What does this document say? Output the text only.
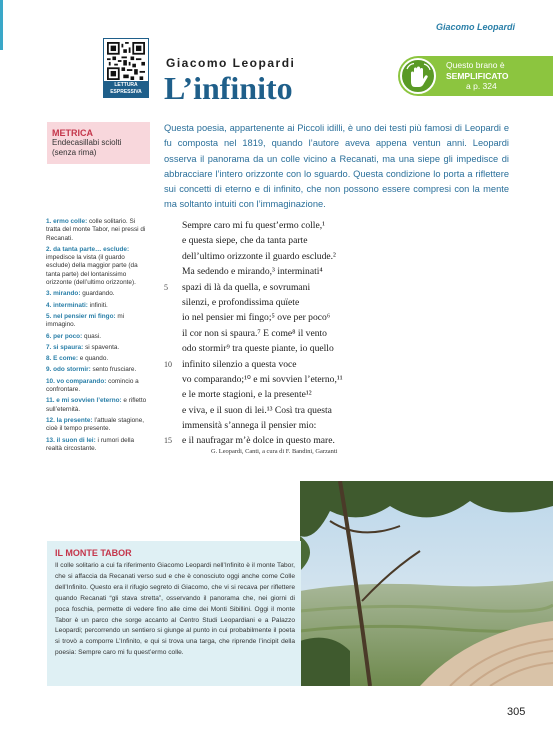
Giacomo Leopardi
LETTURA
ESPRESSIVA
Giacomo Leopardi
L’infinito
Questo brano è
SEMPLIFICATO
a p. 324
METRICA
Endecasillabi sciolti
(senza rima)
Questa poesia, appartenente ai Piccoli idilli, è uno dei testi più famosi di Leopardi e fu composta nel 1819, quando l’autore aveva appena ventun anni. Leopardi osserva il panorama da un colle vicino a Recanati, ma una siepe gli impedisce di abbracciare l’intero orizzonte con lo sguardo. Questa condizione lo porta a riflettere sui concetti di eterno e di infinito, che non possono essere compresi con la mente ma soltanto intuiti con l’immaginazione.
1. ermo colle: colle solitario. Si tratta del monte Tabor, nei pressi di Recanati.
2. da tanta parte… esclude: impedisce la vista (il guardo esclude) della maggior parte (da tanta parte) del lontanissimo orizzonte (dell’ultimo orizzonte).
3. mirando: guardando.
4. interminati: infiniti.
5. nel pensier mi fingo: mi immagino.
6. per poco: quasi.
7. si spaura: si spaventa.
8. E come: e quando.
9. odo stormir: sento frusciare.
10. vo comparando: comincio a confrontare.
11. e mi sovvien l’eterno: e rifletto sull’eternità.
12. la presente: l’attuale stagione, cioè il tempo presente.
13. il suon di lei: i rumori della realtà circostante.
Sempre caro mi fu quest’ermo colle,¹
e questa siepe, che da tanta parte
dell’ultimo orizzonte il guardo esclude.²
Ma sedendo e mirando,³ interminati⁴
5 spazi di là da quella, e sovrumani
silenzi, e profondissima quïete
io nel pensier mi fingo;⁵ ove per poco⁶
il cor non si spaura.⁷ E come⁸ il vento
odo stormir⁹ tra queste piante, io quello
10 infinito silenzio a questa voce
vo comparando;¹⁰ e mi sovvien l’eterno,¹¹
e le morte stagioni, e la presente¹²
e viva, e il suon di lei.¹³ Così tra questa
immensità s’annega il pensier mio:
15 e il naufragar m’è dolce in questo mare.
G. Leopardi, Canti, a cura di F. Bandini, Garzanti
IL MONTE TABOR
Il colle solitario a cui fa riferimento Giacomo Leopardi nell’Infinito è il monte Tabor, che si affaccia da Recanati verso sud e che è conosciuto oggi anche come Colle dell’Infinito. Questo era il rifugio segreto di Giacomo, che vi si recava per riflettere quando Recanati “gli stava stretta”, osservando il panorama che, nei giorni di poca foschia, permette di vedere fino alle cime dei Monti Sibillini. Oggi il monte Tabor è un parco che sorge accanto al Centro Studi Leopardiani e a Palazzo Leopardi; percorrendo un sentiero si giunge al punto in cui probabilmente il poeta si trovò a comporre L’Infinito, e qui si trova una targa, che riprende l’incipit della poesia: Sempre caro mi fu quest’ermo colle.
305
